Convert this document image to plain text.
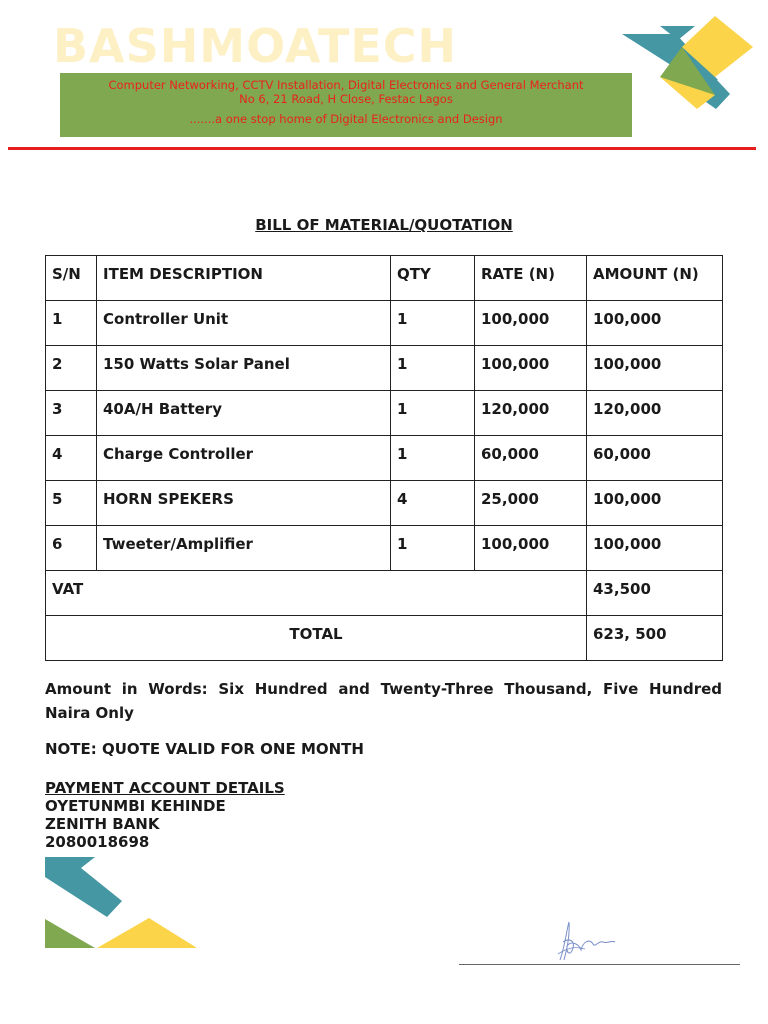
BASHMOATECH
Computer Networking, CCTV Installation, Digital Electronics and General Merchant
No 6, 21 Road, H Close, Festac Lagos
.......a one stop home of Digital Electronics and Design
BILL OF MATERIAL/QUOTATION
S/N	ITEM DESCRIPTION	QTY	RATE (N)	AMOUNT (N)

1	Controller Unit	1	100,000	100,000

2	150 Watts Solar Panel	1	100,000	100,000

3	40A/H Battery	1	120,000	120,000

4	Charge Controller	1	60,000	60,000

5	HORN SPEKERS	4	25,000	100,000

6	Tweeter/Amplifier	1	100,000	100,000

VAT				43,500

TOTAL				623, 500
Amount in Words: Six Hundred and Twenty-Three Thousand, Five Hundred Naira Only
NOTE: QUOTE VALID FOR ONE MONTH
PAYMENT ACCOUNT DETAILS
OYETUNMBI KEHINDE
ZENITH BANK
2080018698
